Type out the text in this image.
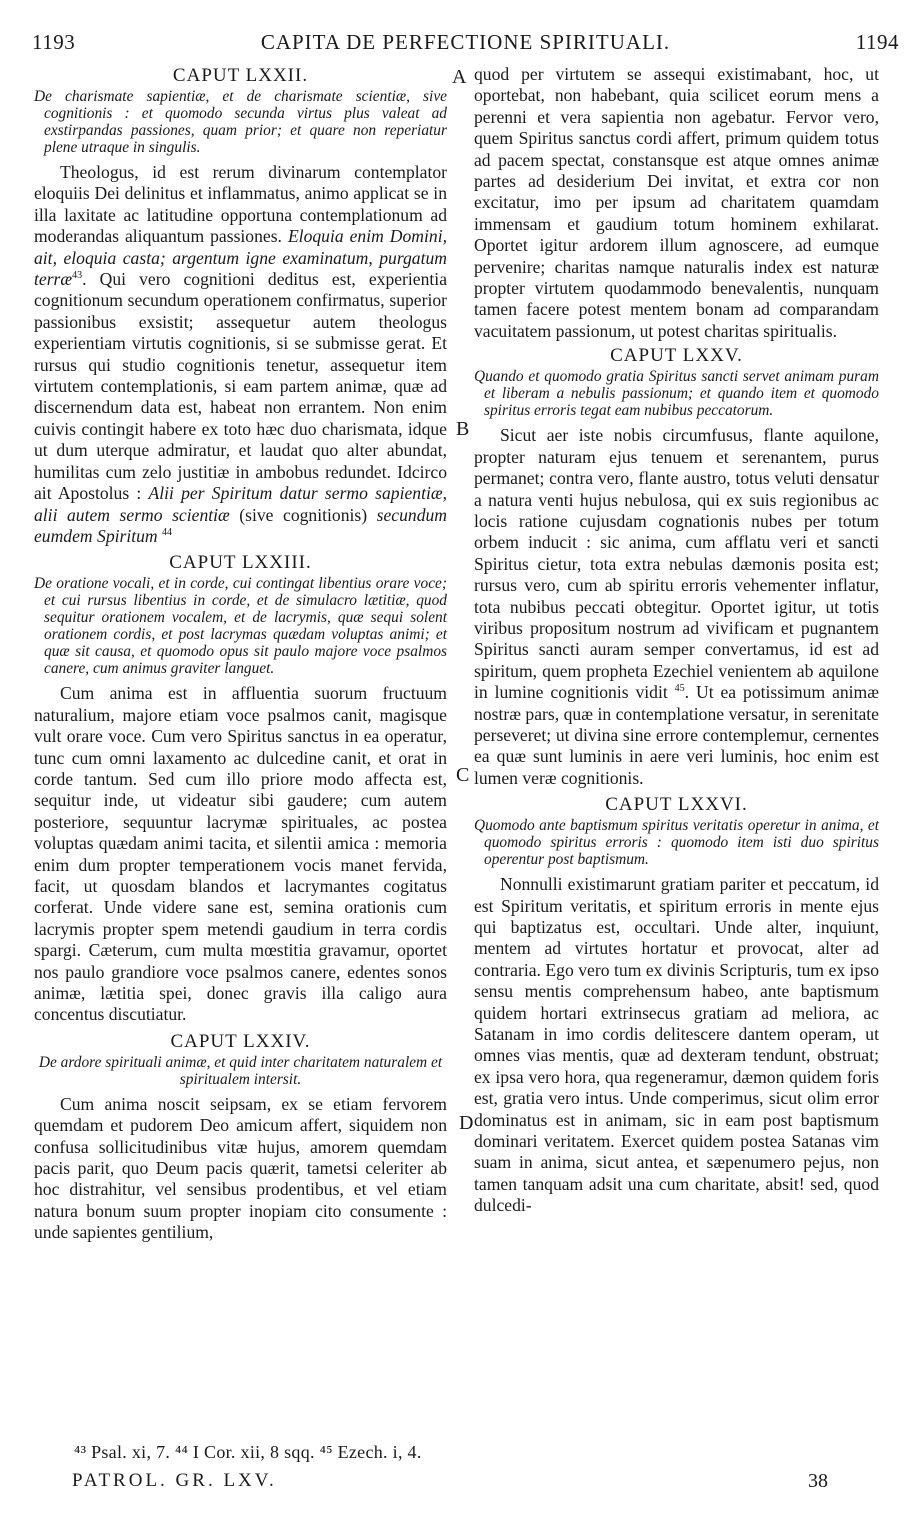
1193	CAPITA DE PERFECTIONE SPIRITUALI.	1194
CAPUT LXXII.

De charismate sapientiæ, et de charismate scientiæ, sive cognitionis : et quomodo secunda virtus plus valeat ad exstirpandas passiones, quam prior; et quare non reperiatur plene utraque in singulis.

Theologus, id est rerum divinarum contemplator eloquiis Dei delinitus et inflammatus, animo applicat se in illa laxitate ac latitudine opportuna contemplationum ad moderandas aliquantum passiones. Eloquia enim Domini, ait, eloquia casta; argentum igne examinatum, purgatum terræ$^{43}$. Qui vero cognitioni deditus est, experientia cognitionum secundum operationem confirmatus, superior passionibus exsistit; assequetur autem theologus experientiam virtutis cognitionis, si se submisse gerat. Et rursus qui studio cognitionis tenetur, assequetur item virtutem contemplationis, si eam partem animæ, quæ ad discernendum data est, habeat non errantem. Non enim cuivis contingit habere ex toto hæc duo charismata, idque ut dum uterque admiratur, et laudat quo alter abundat, humilitas cum zelo justitiæ in ambobus redundet. Idcirco ait Apostolus : Alii per Spiritum datur sermo sapientiæ, alii autem sermo scientiæ (sive cognitionis) secundum eumdem Spiritum $^{44}$

CAPUT LXXIII.

De oratione vocali, et in corde, cui contingat libentius orare voce; et cui rursus libentius in corde, et de simulacro lætitiæ, quod sequitur orationem vocalem, et de lacrymis, quæ sequi solent orationem cordis, et post lacrymas quædam voluptas animi; et quæ sit causa, et quomodo opus sit paulo majore voce psalmos canere, cum animus graviter languet.

Cum anima est in affluentia suorum fructuum naturalium, majore etiam voce psalmos canit, magisque vult orare voce. Cum vero Spiritus sanctus in ea operatur, tunc cum omni laxamento ac dulcedine canit, et orat in corde tantum. Sed cum illo priore modo affecta est, sequitur inde, ut videatur sibi gaudere; cum autem posteriore, sequuntur lacrymæ spirituales, ac postea voluptas quædam animi tacita, et silentii amica : memoria enim dum propter temperationem vocis manet fervida, facit, ut quosdam blandos et lacrymantes cogitatus corferat. Unde videre sane est, semina orationis cum lacrymis propter spem metendi gaudium in terra cordis spargi. Cæterum, cum multa mœstitia gravamur, oportet nos paulo grandiore voce psalmos canere, edentes sonos animæ, lætitia spei, donec gravis illa caligo aura concentus discutiatur.

CAPUT LXXIV.

De ardore spirituali animæ, et quid inter charitatem naturalem et spiritualem intersit.

Cum anima noscit seipsam, ex se etiam fervorem quemdam et pudorem Deo amicum affert, siquidem non confusa sollicitudinibus vitæ hujus, amorem quemdam pacis parit, quo Deum pacis quærit, tametsi celeriter ab hoc distrahitur, vel sensibus prodentibus, et vel etiam natura bonum suum propter inopiam cito consumente : unde sapientes gentilium,

quod per virtutem se assequi existimabant, hoc, ut oportebat, non habebant, quia scilicet eorum mens a perenni et vera sapientia non agebatur. Fervor vero, quem Spiritus sanctus cordi affert, primum quidem totus ad pacem spectat, constansque est atque omnes animæ partes ad desiderium Dei invitat, et extra cor non excitatur, imo per ipsum ad charitatem quamdam immensam et gaudium totum hominem exhilarat. Oportet igitur ardorem illum agnoscere, ad eumque pervenire; charitas namque naturalis index est naturæ propter virtutem quodammodo benevalentis, nunquam tamen facere potest mentem bonam ad comparandam vacuitatem passionum, ut potest charitas spiritualis.

CAPUT LXXV.

Quando et quomodo gratia Spiritus sancti servet animam puram et liberam a nebulis passionum; et quando item et quomodo spiritus erroris tegat eam nubibus peccatorum.

Sicut aer iste nobis circumfusus, flante aquilone, propter naturam ejus tenuem et serenantem, purus permanet; contra vero, flante austro, totus veluti densatur a natura venti hujus nebulosa, qui ex suis regionibus ac locis ratione cujusdam cognationis nubes per totum orbem inducit : sic anima, cum afflatu veri et sancti Spiritus cietur, tota extra nebulas dæmonis posita est; rursus vero, cum ab spiritu erroris vehementer inflatur, tota nubibus peccati obtegitur. Oportet igitur, ut totis viribus propositum nostrum ad vivificam et pugnantem Spiritus sancti auram semper convertamus, id est ad spiritum, quem propheta Ezechiel venientem ab aquilone in lumine cognitionis vidit $^{45}$. Ut ea potissimum animæ nostræ pars, quæ in contemplatione versatur, in serenitate perseveret; ut divina sine errore contemplemur, cernentes ea quæ sunt luminis in aere veri luminis, hoc enim est lumen veræ cognitionis.

CAPUT LXXVI.

Quomodo ante baptismum spiritus veritatis operetur in anima, et quomodo spiritus erroris : quomodo item isti duo spiritus operentur post baptismum.

Nonnulli existimarunt gratiam pariter et peccatum, id est Spiritum veritatis, et spiritum erroris in mente ejus qui baptizatus est, occultari. Unde alter, inquiunt, mentem ad virtutes hortatur et provocat, alter ad contraria. Ego vero tum ex divinis Scripturis, tum ex ipso sensu mentis comprehensum habeo, ante baptismum quidem hortari extrinsecus gratiam ad meliora, ac Satanam in imo cordis delitescere dantem operam, ut omnes vias mentis, quæ ad dexteram tendunt, obstruat; ex ipsa vero hora, qua regeneramur, dæmon quidem foris est, gratia vero intus. Unde comperimus, sicut olim error dominatus est in animam, sic in eam post baptismum dominari veritatem. Exercet quidem postea Satanas vim suam in anima, sicut antea, et sæpenumero pejus, non tamen tanquam adsit una cum charitate, absit! sed, quod dulcedi-

A
B
C
D
⁴³ Psal. xi, 7. ⁴⁴ I Cor. xii, 8 sqq. ⁴⁵ Ezech. i, 4.
PATROL. GR. LXV.	38
